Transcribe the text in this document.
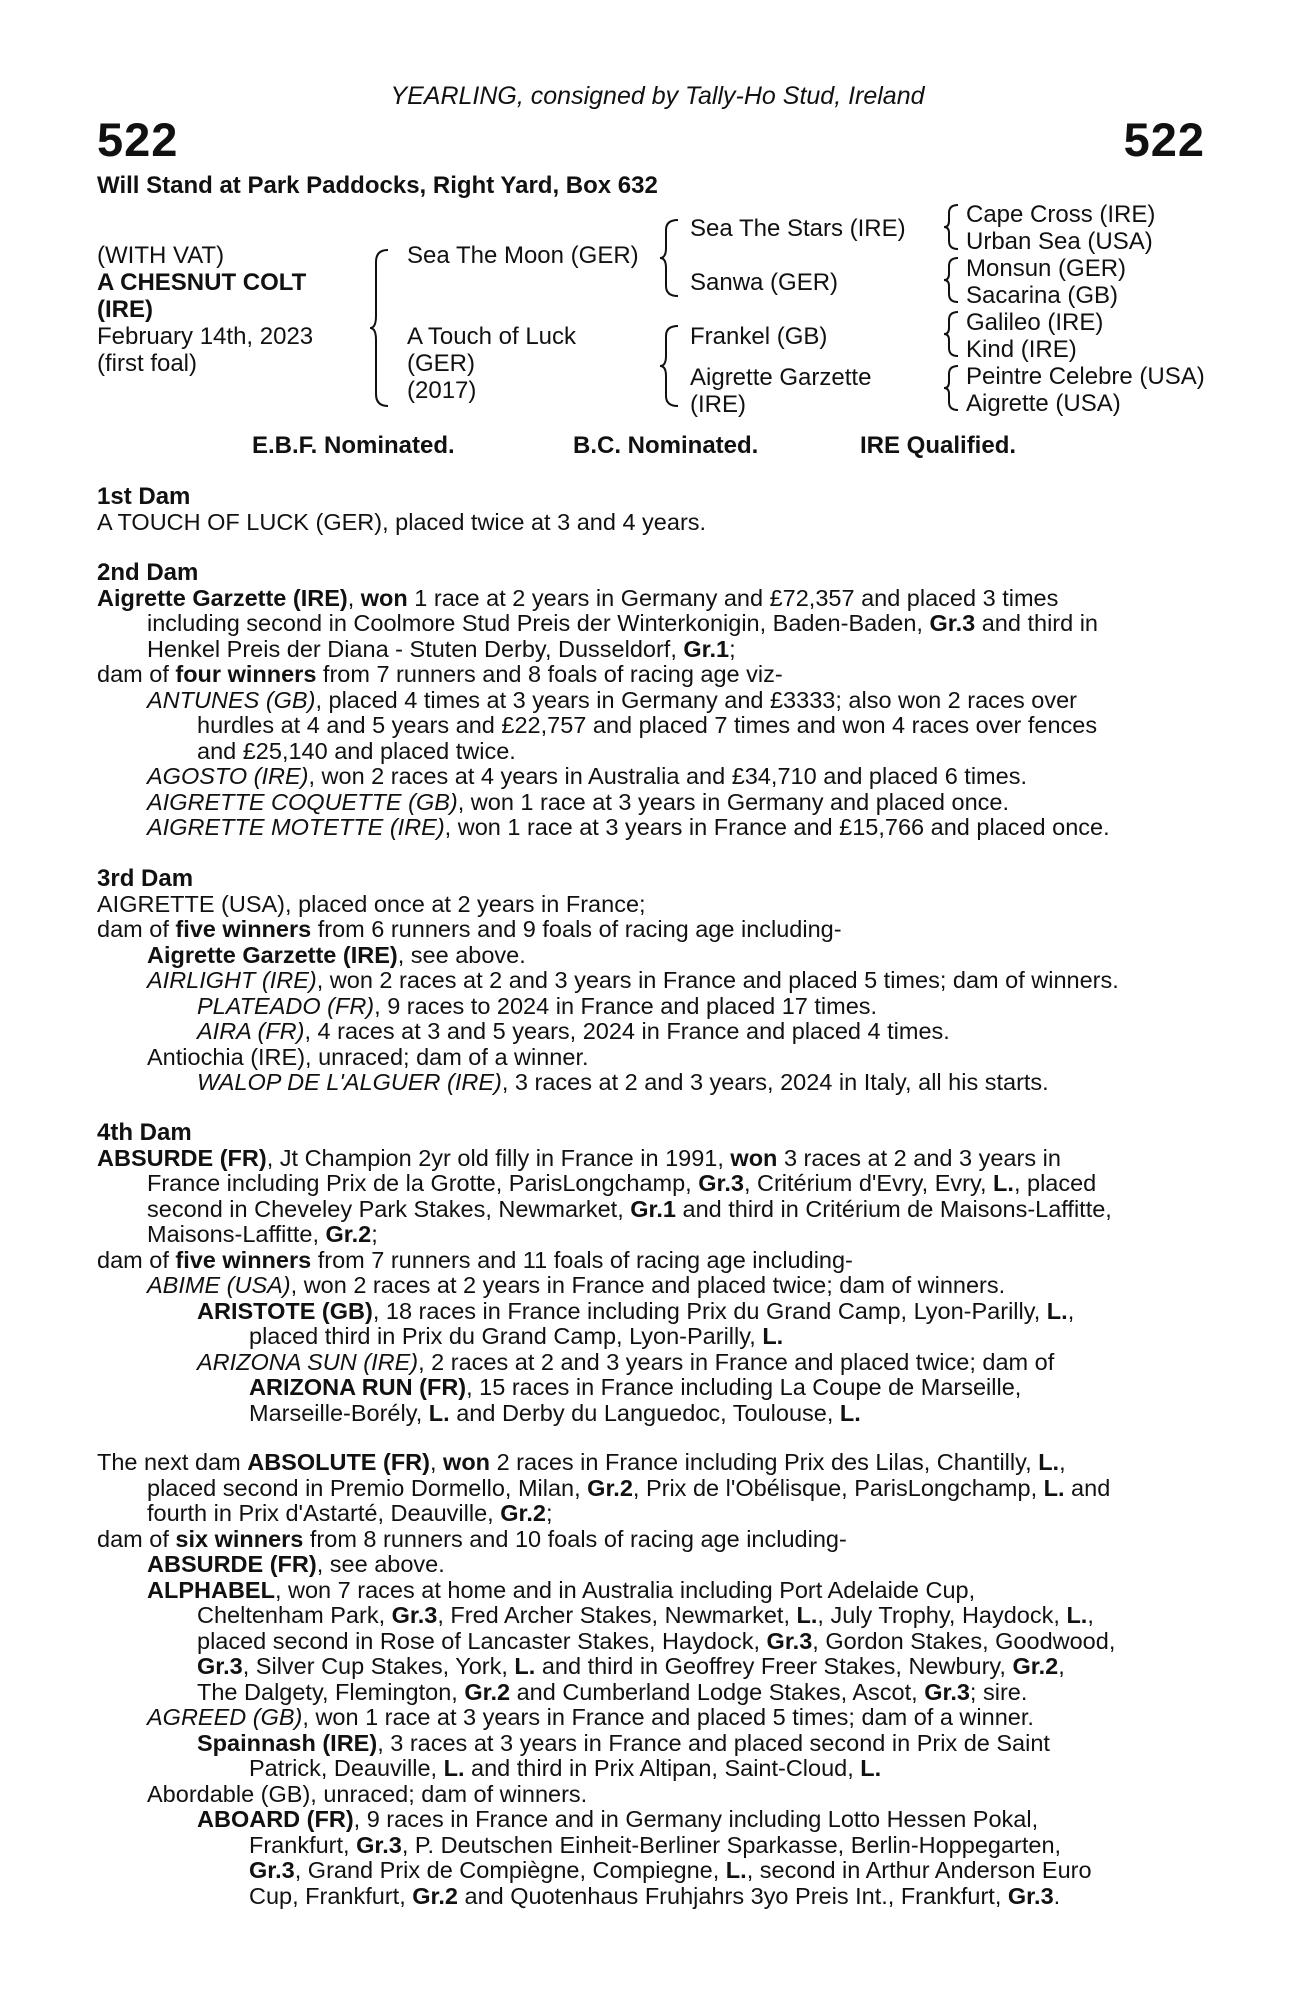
YEARLING, consigned by Tally-Ho Stud, Ireland
522	522
Will Stand at Park Paddocks, Right Yard, Box 632
(WITH VAT)
A CHESNUT COLT
(IRE)
February 14th, 2023
(first foal)
Sea The Moon (GER)
A Touch of Luck
(GER)
(2017)
Sea The Stars (IRE)
Sanwa (GER)
Frankel (GB)
Aigrette Garzette
(IRE)
Cape Cross (IRE)
Urban Sea (USA)
Monsun (GER)
Sacarina (GB)
Galileo (IRE)
Kind (IRE)
Peintre Celebre (USA)
Aigrette (USA)
E.B.F. Nominated.	B.C. Nominated.	IRE Qualified.

1st Dam

A TOUCH OF LUCK (GER), placed twice at 3 and 4 years.

2nd Dam

Aigrette Garzette (IRE), won 1 race at 2 years in Germany and £72,357 and placed 3 times

including second in Coolmore Stud Preis der Winterkonigin, Baden-Baden, Gr.3 and third in

Henkel Preis der Diana - Stuten Derby, Dusseldorf, Gr.1;

dam of four winners from 7 runners and 8 foals of racing age viz-

ANTUNES (GB), placed 4 times at 3 years in Germany and £3333; also won 2 races over

hurdles at 4 and 5 years and £22,757 and placed 7 times and won 4 races over fences

and £25,140 and placed twice.

AGOSTO (IRE), won 2 races at 4 years in Australia and £34,710 and placed 6 times.

AIGRETTE COQUETTE (GB), won 1 race at 3 years in Germany and placed once.

AIGRETTE MOTETTE (IRE), won 1 race at 3 years in France and £15,766 and placed once.

3rd Dam

AIGRETTE (USA), placed once at 2 years in France;

dam of five winners from 6 runners and 9 foals of racing age including-

Aigrette Garzette (IRE), see above.

AIRLIGHT (IRE), won 2 races at 2 and 3 years in France and placed 5 times; dam of winners.

PLATEADO (FR), 9 races to 2024 in France and placed 17 times.

AIRA (FR), 4 races at 3 and 5 years, 2024 in France and placed 4 times.

Antiochia (IRE), unraced; dam of a winner.

WALOP DE L'ALGUER (IRE), 3 races at 2 and 3 years, 2024 in Italy, all his starts.

4th Dam

ABSURDE (FR), Jt Champion 2yr old filly in France in 1991, won 3 races at 2 and 3 years in

France including Prix de la Grotte, ParisLongchamp, Gr.3, Critérium d'Evry, Evry, L., placed

second in Cheveley Park Stakes, Newmarket, Gr.1 and third in Critérium de Maisons-Laffitte,

Maisons-Laffitte, Gr.2;

dam of five winners from 7 runners and 11 foals of racing age including-

ABIME (USA), won 2 races at 2 years in France and placed twice; dam of winners.

ARISTOTE (GB), 18 races in France including Prix du Grand Camp, Lyon-Parilly, L.,

placed third in Prix du Grand Camp, Lyon-Parilly, L.

ARIZONA SUN (IRE), 2 races at 2 and 3 years in France and placed twice; dam of

ARIZONA RUN (FR), 15 races in France including La Coupe de Marseille,

Marseille-Borély, L. and Derby du Languedoc, Toulouse, L.

The next dam ABSOLUTE (FR), won 2 races in France including Prix des Lilas, Chantilly, L.,

placed second in Premio Dormello, Milan, Gr.2, Prix de l'Obélisque, ParisLongchamp, L. and

fourth in Prix d'Astarté, Deauville, Gr.2;

dam of six winners from 8 runners and 10 foals of racing age including-

ABSURDE (FR), see above.

ALPHABEL, won 7 races at home and in Australia including Port Adelaide Cup,

Cheltenham Park, Gr.3, Fred Archer Stakes, Newmarket, L., July Trophy, Haydock, L.,

placed second in Rose of Lancaster Stakes, Haydock, Gr.3, Gordon Stakes, Goodwood,

Gr.3, Silver Cup Stakes, York, L. and third in Geoffrey Freer Stakes, Newbury, Gr.2,

The Dalgety, Flemington, Gr.2 and Cumberland Lodge Stakes, Ascot, Gr.3; sire.

AGREED (GB), won 1 race at 3 years in France and placed 5 times; dam of a winner.

Spainnash (IRE), 3 races at 3 years in France and placed second in Prix de Saint

Patrick, Deauville, L. and third in Prix Altipan, Saint-Cloud, L.

Abordable (GB), unraced; dam of winners.

ABOARD (FR), 9 races in France and in Germany including Lotto Hessen Pokal,

Frankfurt, Gr.3, P. Deutschen Einheit-Berliner Sparkasse, Berlin-Hoppegarten,

Gr.3, Grand Prix de Compiègne, Compiegne, L., second in Arthur Anderson Euro

Cup, Frankfurt, Gr.2 and Quotenhaus Fruhjahrs 3yo Preis Int., Frankfurt, Gr.3.
